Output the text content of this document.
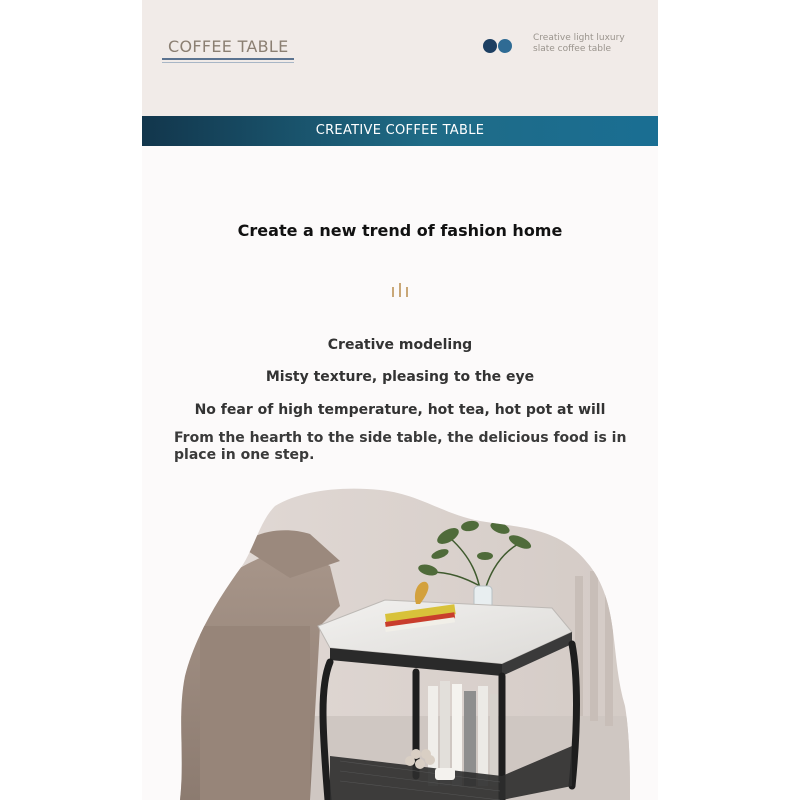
COFFEE TABLE	Creative light luxury
slate coffee table
CREATIVE COFFEE TABLE
Create a new trend of fashion home
Creative modeling
Misty texture, pleasing to the eye
No fear of high temperature, hot tea, hot pot at will
From the hearth to the side table, the delicious food is in place in one step.
